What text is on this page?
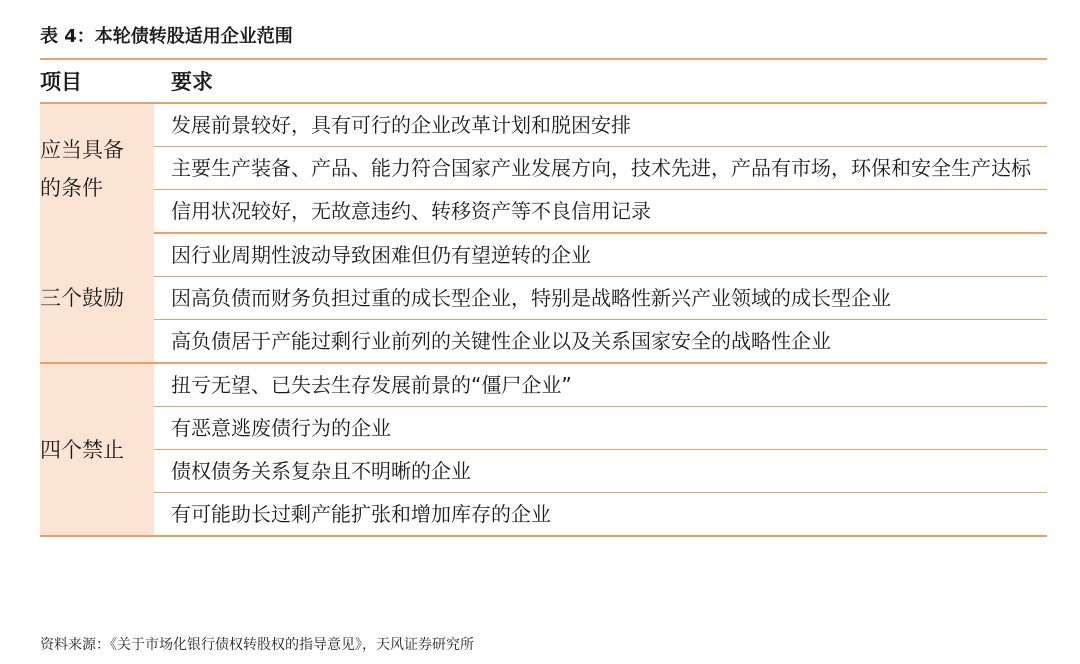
表 4：本轮债转股适用企业范围
项目	要求

应当具备的条件	发展前景较好，具有可行的企业改革计划和脱困安排
	主要生产装备、产品、能力符合国家产业发展方向，技术先进，产品有市场，环保和安全生产达标
	信用状况较好，无故意违约、转移资产等不良信用记录

三个鼓励	因行业周期性波动导致困难但仍有望逆转的企业
	因高负债而财务负担过重的成长型企业，特别是战略性新兴产业领域的成长型企业
	高负债居于产能过剩行业前列的关键性企业以及关系国家安全的战略性企业

四个禁止	扭亏无望、已失去生存发展前景的“僵尸企业”
	有恶意逃废债行为的企业
	债权债务关系复杂且不明晰的企业
	有可能助长过剩产能扩张和增加库存的企业
资料来源：《关于市场化银行债权转股权的指导意见》，天风证券研究所
